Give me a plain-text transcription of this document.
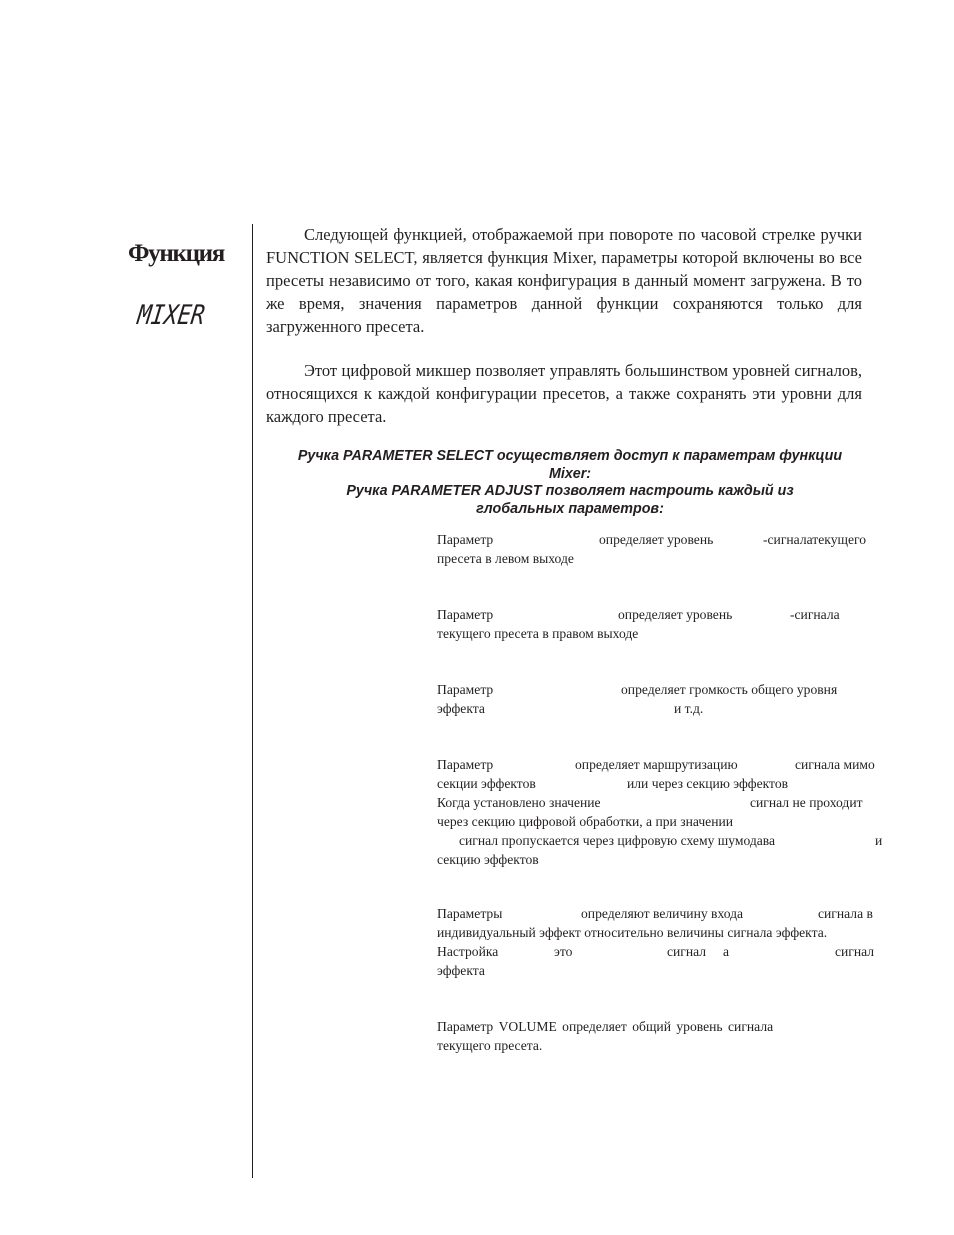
Функция
MIXER

Следующей функцией, отображаемой при повороте по часовой стрелке ручки FUNCTION SELECT, является функция Mixer, параметры которой включены во все пресеты независимо от того, какая конфигурация в данный момент загружена. В то же время, значения параметров данной функции сохраняются только для загруженного пресета.

Этот цифровой микшер позволяет управлять большинством уровней сигналов, относящихся к каждой конфигурации пресетов, а также сохранять эти уровни для каждого пресета.

Ручка PARAMETER SELECT осуществляет доступ к параметрам функции
Mixer:
Ручка PARAMETER ADJUST позволяет настроить каждый из
глобальных параметров:
Параметр	определяет уровень	-сигналатекущего
пресета в левом выходе
Параметр	определяет уровень	-сигнала
текущего пресета в правом выходе
Параметр	определяет громкость общего уровня
эффекта	и т.д.
Параметр	определяет маршрутизацию	сигнала мимо
секции эффектов	или через секцию эффектов
Когда установлено значение	сигнал не проходит
через секцию цифровой обработки, а при значении
сигнал пропускается через цифровую схему шумодава	и
секцию эффектов
Параметры	определяют величину входа	сигнала в
индивидуальный эффект относительно величины сигнала эффекта.
Настройка	это	сигнал а	сигнал
эффекта
Параметр VOLUME определяет общий уровень сигнала
текущего пресета.
